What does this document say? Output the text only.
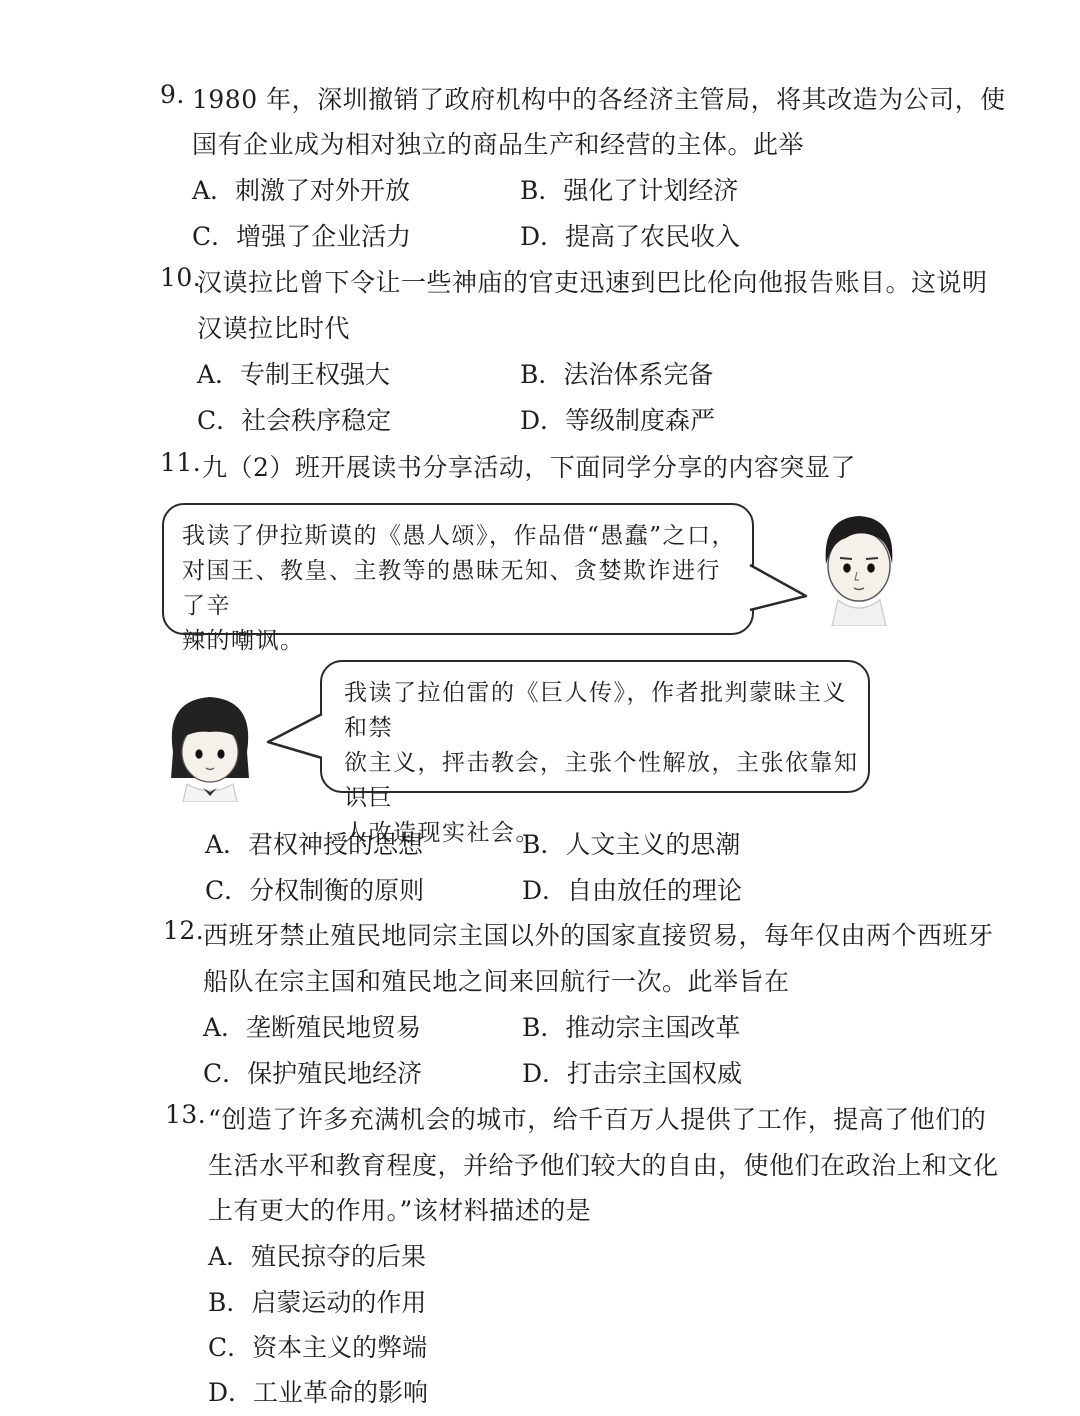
9. 1980 年，深圳撤销了政府机构中的各经济主管局，将其改造为公司，使
国有企业成为相对独立的商品生产和经营的主体。此举
A．刺激了对外开放	B．强化了计划经济
C．增强了企业活力	D．提高了农民收入
10.
汉谟拉比曾下令让一些神庙的官吏迅速到巴比伦向他报告账目。这说明
汉谟拉比时代
A．专制王权强大	B．法治体系完备
C．社会秩序稳定	D．等级制度森严
11. 九（2）班开展读书分享活动，下面同学分享的内容突显了
我读了伊拉斯谟的《愚人颂》，作品借“愚蠢”之口，
对国王、教皇、主教等的愚昧无知、贪婪欺诈进行了辛
辣的嘲讽。
我读了拉伯雷的《巨人传》，作者批判蒙昧主义和禁
欲主义，抨击教会，主张个性解放，主张依靠知识巨
人改造现实社会。
A．君权神授的思想	B．人文主义的思潮
C．分权制衡的原则	D．自由放任的理论
12.
西班牙禁止殖民地同宗主国以外的国家直接贸易，每年仅由两个西班牙
船队在宗主国和殖民地之间来回航行一次。此举旨在
A．垄断殖民地贸易	B．推动宗主国改革
C．保护殖民地经济	D．打击宗主国权威
13. “创造了许多充满机会的城市，给千百万人提供了工作，提高了他们的
生活水平和教育程度，并给予他们较大的自由，使他们在政治上和文化
上有更大的作用。”该材料描述的是
A．殖民掠夺的后果
B．启蒙运动的作用
C．资本主义的弊端
D．工业革命的影响
